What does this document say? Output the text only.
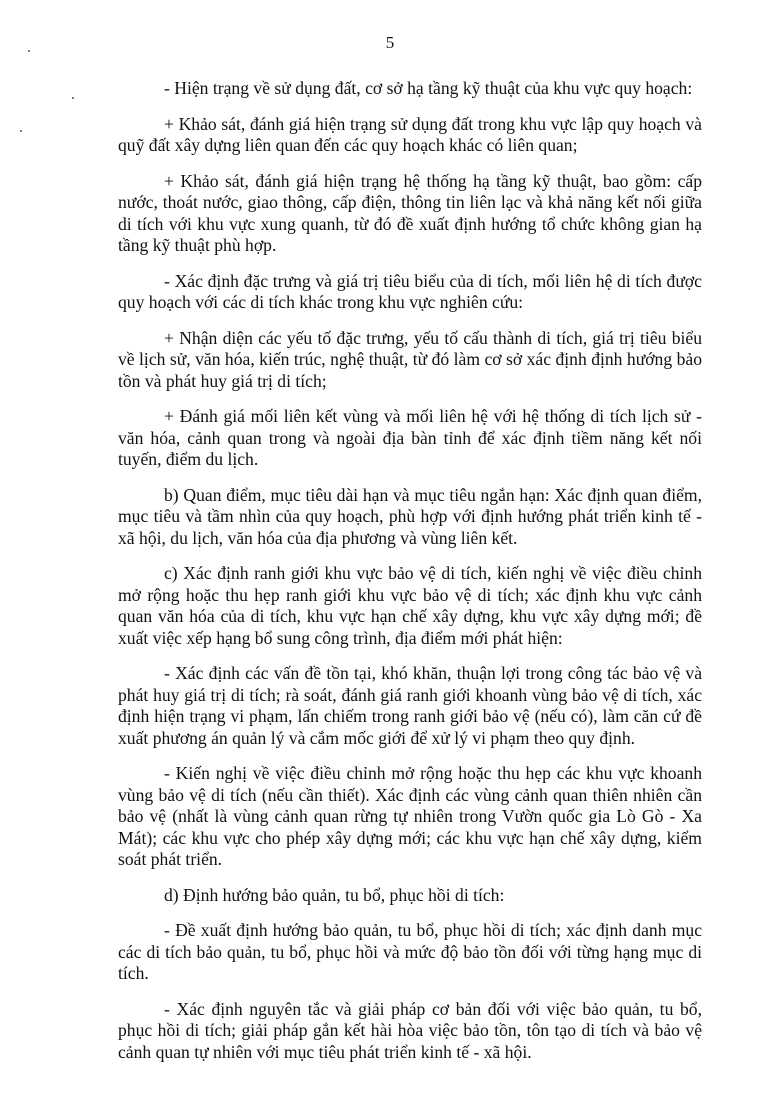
5

- Hiện trạng về sử dụng đất, cơ sở hạ tầng kỹ thuật của khu vực quy hoạch:

+ Khảo sát, đánh giá hiện trạng sử dụng đất trong khu vực lập quy hoạch và quỹ đất xây dựng liên quan đến các quy hoạch khác có liên quan;

+ Khảo sát, đánh giá hiện trạng hệ thống hạ tầng kỹ thuật, bao gồm: cấp nước, thoát nước, giao thông, cấp điện, thông tin liên lạc và khả năng kết nối giữa di tích với khu vực xung quanh, từ đó đề xuất định hướng tổ chức không gian hạ tầng kỹ thuật phù hợp.

- Xác định đặc trưng và giá trị tiêu biểu của di tích, mối liên hệ di tích được quy hoạch với các di tích khác trong khu vực nghiên cứu:

+ Nhận diện các yếu tố đặc trưng, yếu tố cấu thành di tích, giá trị tiêu biểu về lịch sử, văn hóa, kiến trúc, nghệ thuật, từ đó làm cơ sở xác định định hướng bảo tồn và phát huy giá trị di tích;

+ Đánh giá mối liên kết vùng và mối liên hệ với hệ thống di tích lịch sử - văn hóa, cảnh quan trong và ngoài địa bàn tỉnh để xác định tiềm năng kết nối tuyến, điểm du lịch.

b) Quan điểm, mục tiêu dài hạn và mục tiêu ngắn hạn: Xác định quan điểm, mục tiêu và tầm nhìn của quy hoạch, phù hợp với định hướng phát triển kinh tế - xã hội, du lịch, văn hóa của địa phương và vùng liên kết.

c) Xác định ranh giới khu vực bảo vệ di tích, kiến nghị về việc điều chỉnh mở rộng hoặc thu hẹp ranh giới khu vực bảo vệ di tích; xác định khu vực cảnh quan văn hóa của di tích, khu vực hạn chế xây dựng, khu vực xây dựng mới; đề xuất việc xếp hạng bổ sung công trình, địa điểm mới phát hiện:

- Xác định các vấn đề tồn tại, khó khăn, thuận lợi trong công tác bảo vệ và phát huy giá trị di tích; rà soát, đánh giá ranh giới khoanh vùng bảo vệ di tích, xác định hiện trạng vi phạm, lấn chiếm trong ranh giới bảo vệ (nếu có), làm căn cứ đề xuất phương án quản lý và cắm mốc giới để xử lý vi phạm theo quy định.

- Kiến nghị về việc điều chỉnh mở rộng hoặc thu hẹp các khu vực khoanh vùng bảo vệ di tích (nếu cần thiết). Xác định các vùng cảnh quan thiên nhiên cần bảo vệ (nhất là vùng cảnh quan rừng tự nhiên trong Vườn quốc gia Lò Gò - Xa Mát); các khu vực cho phép xây dựng mới; các khu vực hạn chế xây dựng, kiểm soát phát triển.

d) Định hướng bảo quản, tu bổ, phục hồi di tích:

- Đề xuất định hướng bảo quản, tu bổ, phục hồi di tích; xác định danh mục các di tích bảo quản, tu bổ, phục hồi và mức độ bảo tồn đối với từng hạng mục di tích.

- Xác định nguyên tắc và giải pháp cơ bản đối với việc bảo quản, tu bổ, phục hồi di tích; giải pháp gắn kết hài hòa việc bảo tồn, tôn tạo di tích và bảo vệ cảnh quan tự nhiên với mục tiêu phát triển kinh tế - xã hội.
